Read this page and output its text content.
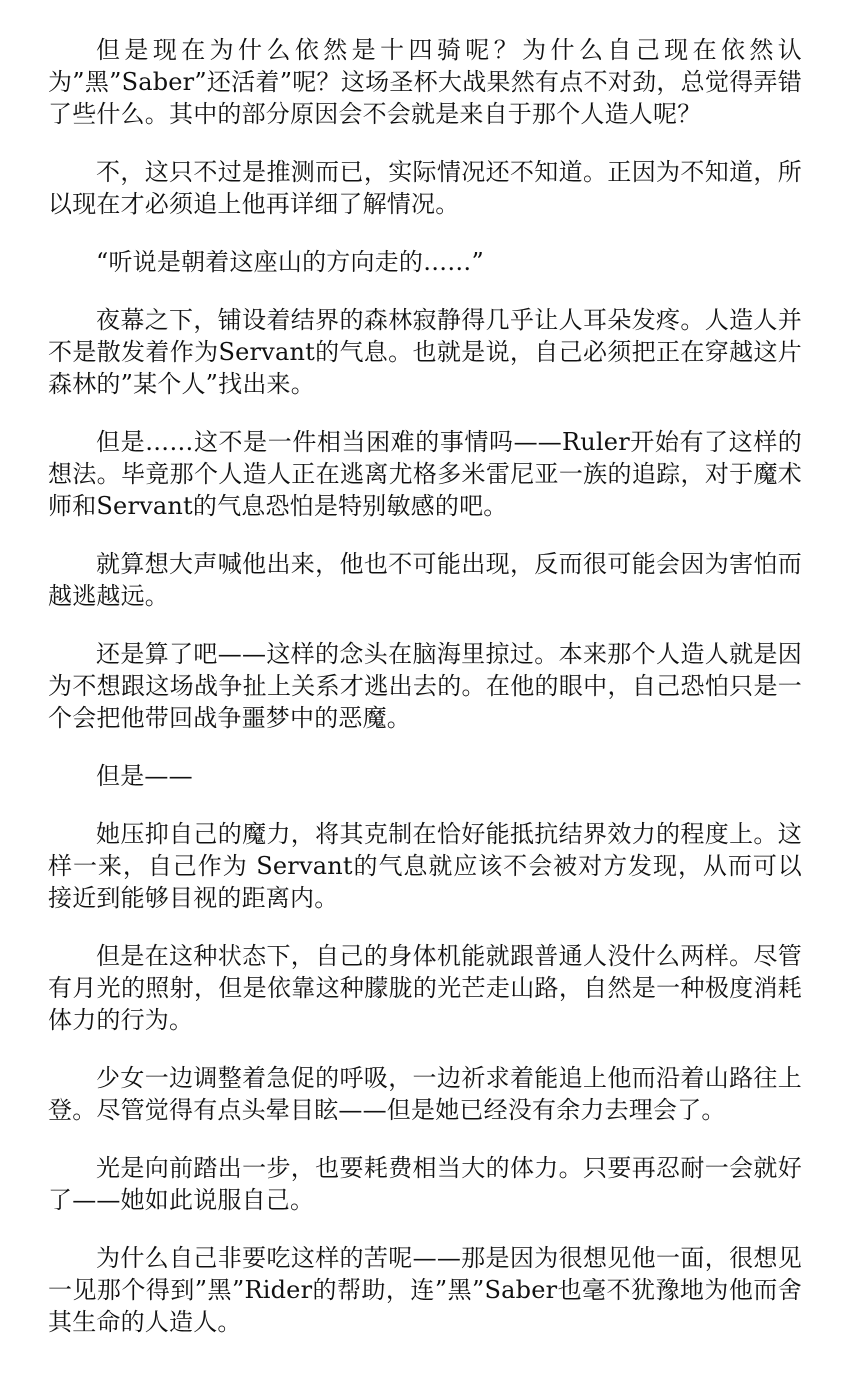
但是现在为什么依然是十四骑呢？为什么自己现在依然认为”黑”Saber”还活着”呢？这场圣杯大战果然有点不对劲，总觉得弄错了些什么。其中的部分原因会不会就是来自于那个人造人呢？

不，这只不过是推测而已，实际情况还不知道。正因为不知道，所以现在才必须追上他再详细了解情况。

“听说是朝着这座山的方向走的……”

夜幕之下，铺设着结界的森林寂静得几乎让人耳朵发疼。人造人并不是散发着作为Servant的气息。也就是说，自己必须把正在穿越这片森林的”某个人”找出来。

但是……这不是一件相当困难的事情吗——Ruler开始有了这样的想法。毕竟那个人造人正在逃离尤格多米雷尼亚一族的追踪，对于魔术师和Servant的气息恐怕是特别敏感的吧。

就算想大声喊他出来，他也不可能出现，反而很可能会因为害怕而越逃越远。

还是算了吧——这样的念头在脑海里掠过。本来那个人造人就是因为不想跟这场战争扯上关系才逃出去的。在他的眼中，自己恐怕只是一个会把他带回战争噩梦中的恶魔。

但是——

她压抑自己的魔力，将其克制在恰好能抵抗结界效力的程度上。这样一来，自己作为 Servant的气息就应该不会被对方发现，从而可以接近到能够目视的距离内。

但是在这种状态下，自己的身体机能就跟普通人没什么两样。尽管有月光的照射，但是依靠这种朦胧的光芒走山路，自然是一种极度消耗体力的行为。

少女一边调整着急促的呼吸，一边祈求着能追上他而沿着山路往上登。尽管觉得有点头晕目眩——但是她已经没有余力去理会了。

光是向前踏出一步，也要耗费相当大的体力。只要再忍耐一会就好了——她如此说服自己。

为什么自己非要吃这样的苦呢——那是因为很想见他一面，很想见一见那个得到”黑”Rider的帮助，连”黑”Saber也毫不犹豫地为他而舍其生命的人造人。
